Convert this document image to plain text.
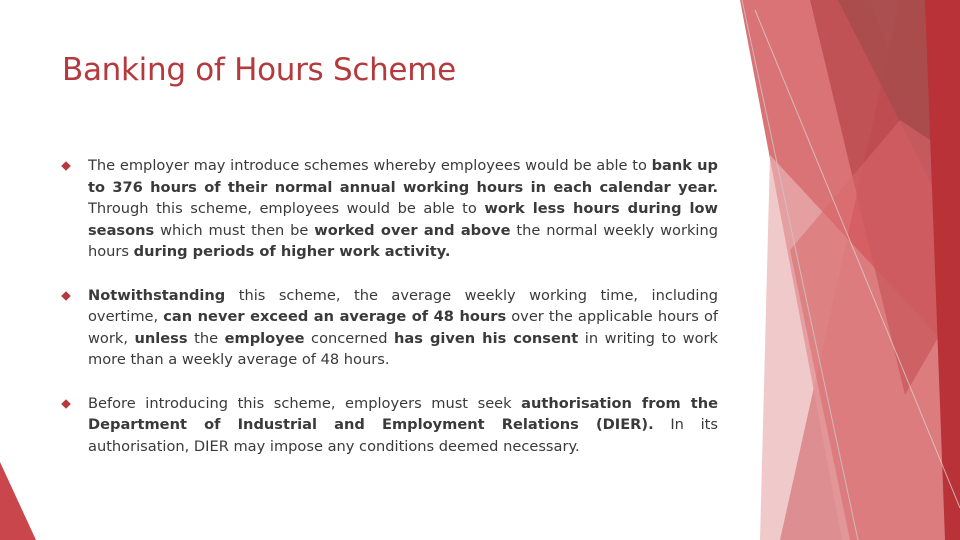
Banking of Hours Scheme
The employer may introduce schemes whereby employees would be able to bank up to 376 hours of their normal annual working hours in each calendar year. Through this scheme, employees would be able to work less hours during low seasons which must then be worked over and above the normal weekly working hours during periods of higher work activity.
Notwithstanding this scheme, the average weekly working time, including overtime, can never exceed an average of 48 hours over the applicable hours of work, unless the employee concerned has given his consent in writing to work more than a weekly average of 48 hours.
Before introducing this scheme, employers must seek authorisation from the Department of Industrial and Employment Relations (DIER). In its authorisation, DIER may impose any conditions deemed necessary.
